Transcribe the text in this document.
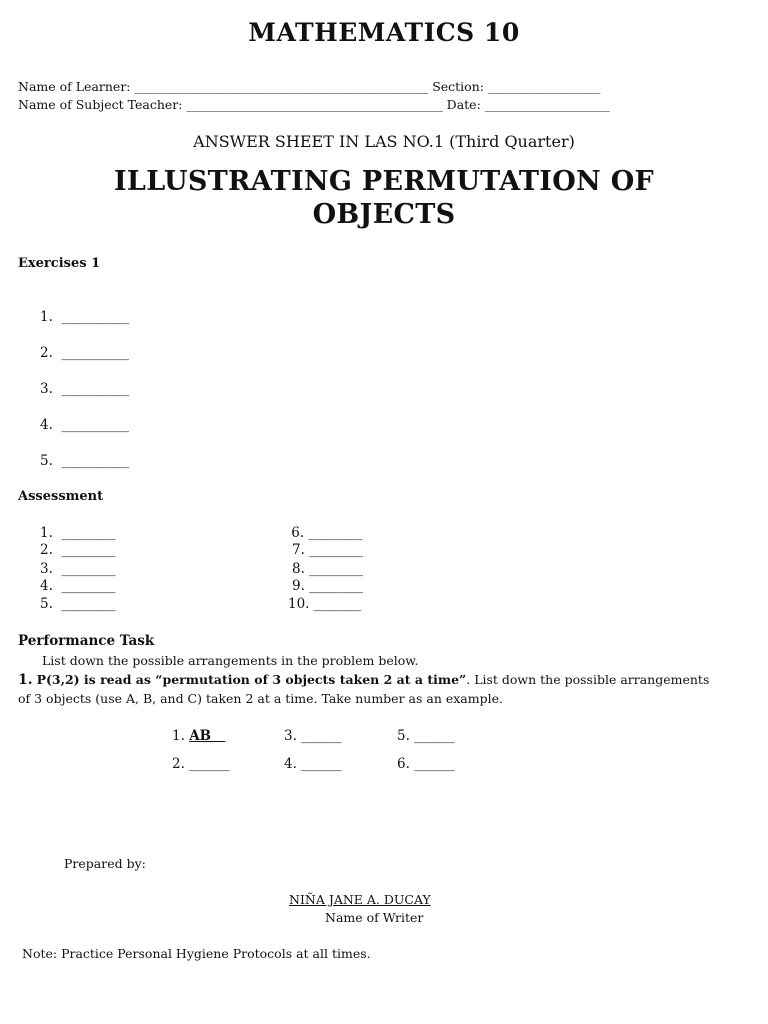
MATHEMATICS 10
Name of Learner: _______________________________________________ Section: __________________
Name of Subject Teacher: _________________________________________ Date: ____________________
ANSWER SHEET IN LAS NO.1 (Third Quarter)
ILLUSTRATING PERMUTATION OF
OBJECTS
Exercises 1
1.  __________
2.  __________
3.  __________
4.  __________
5.  __________
Assessment
1.  ________
2.  ________
3.  ________
4.  ________
5.  ________
6. ________
7. ________
8. ________
9. ________
10. _______
Performance Task
List down the possible arrangements in the problem below.
1. P(3,2) is read as “permutation of 3 objects taken 2 at a time”. List down the possible arrangements
of 3 objects (use A, B, and C) taken 2 at a time. Take number as an example.
1. AB
2. ______
3. ______
4. ______
5. ______
6. ______
Prepared by:
NIÑA JANE A. DUCAY
Name of Writer
Note: Practice Personal Hygiene Protocols at all times.
